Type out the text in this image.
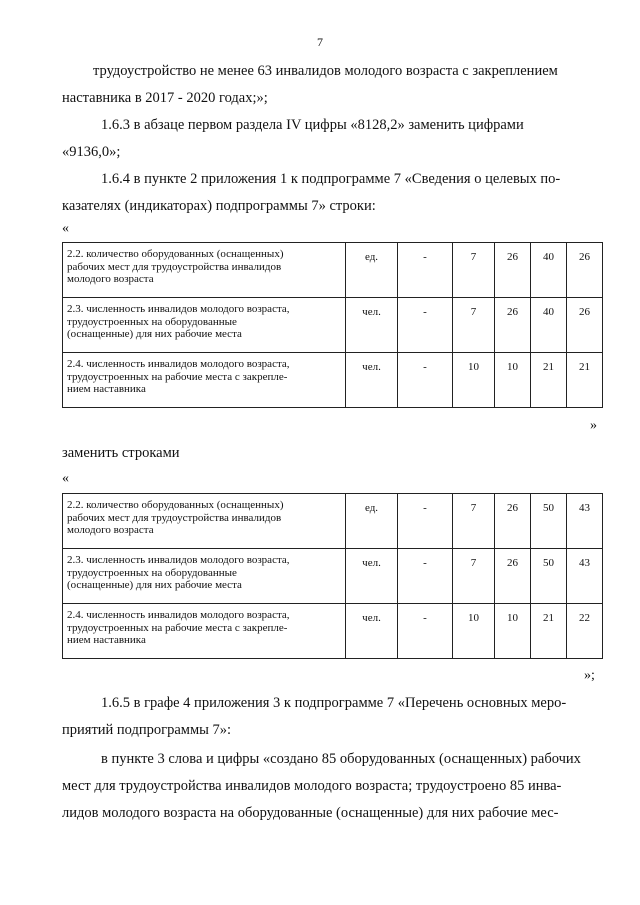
7
трудоустройство не менее 63 инвалидов молодого возраста с закреплением
наставника в 2017 - 2020 годах;»;
1.6.3 в абзаце первом раздела IV цифры «8128,2» заменить цифрами
«9136,0»;
1.6.4 в пункте 2 приложения 1 к подпрограмме 7 «Сведения о целевых по-
казателях (индикаторах) подпрограммы 7» строки:
«
2.2. количество оборудованных (оснащенных)
рабочих мест для трудоустройства инвалидов
молодого возраста	ед.	-	7	26	40	26

2.3. численность инвалидов молодого возраста,
трудоустроенных на оборудованные
(оснащенные) для них рабочие места	чел.	-	7	26	40	26

2.4. численность инвалидов молодого возраста,
трудоустроенных на рабочие места с закрепле-
нием наставника	чел.	-	10	10	21	21
»
заменить строками
«
2.2. количество оборудованных (оснащенных)
рабочих мест для трудоустройства инвалидов
молодого возраста	ед.	-	7	26	50	43

2.3. численность инвалидов молодого возраста,
трудоустроенных на оборудованные
(оснащенные) для них рабочие места	чел.	-	7	26	50	43

2.4. численность инвалидов молодого возраста,
трудоустроенных на рабочие места с закрепле-
нием наставника	чел.	-	10	10	21	22
»;
1.6.5 в графе 4 приложения 3 к подпрограмме 7 «Перечень основных меро-
приятий подпрограммы 7»:
в пункте 3 слова и цифры «создано 85 оборудованных (оснащенных) рабочих
мест для трудоустройства инвалидов молодого возраста; трудоустроено 85 инва-
лидов молодого возраста на оборудованные (оснащенные) для них рабочие мес-
